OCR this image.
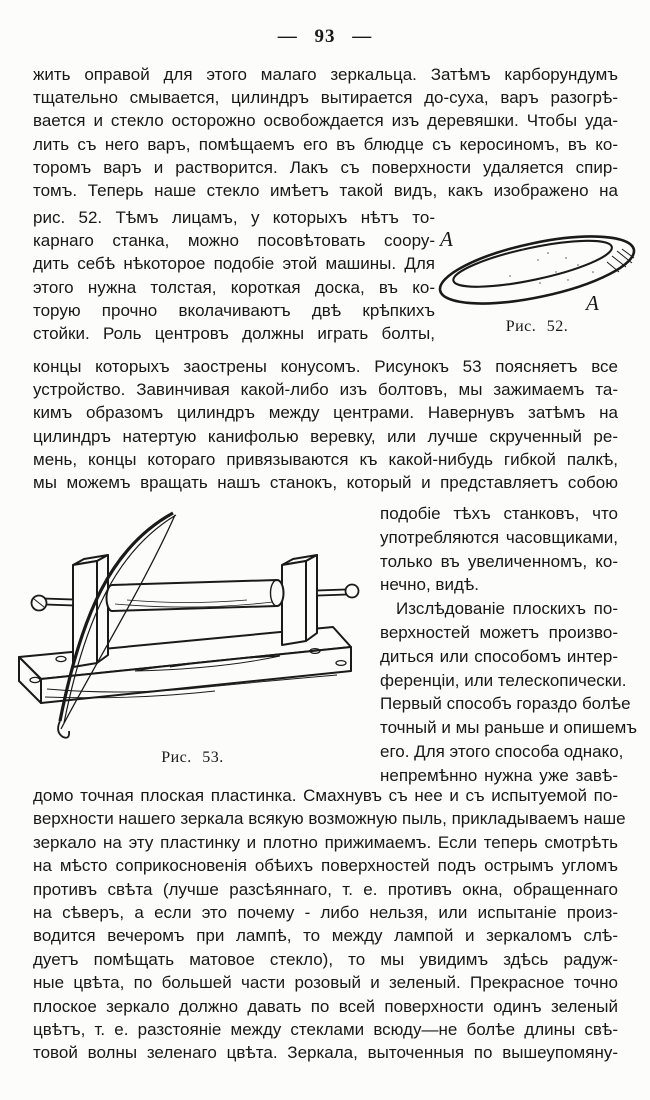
— 93 —
жить оправой для этого малаго зеркальца. Затѣмъ карборундумъ
тщательно смывается, цилиндръ вытирается до-суха, варъ разогрѣ-
вается и стекло осторожно освобождается изъ деревяшки. Чтобы уда-
лить съ него варъ, помѣщаемъ его въ блюдце съ керосиномъ, въ ко-
торомъ варъ и растворится. Лакъ съ поверхности удаляется спир-
томъ. Теперь наше стекло имѣетъ такой видъ, какъ изображено на
рис. 52. Тѣмъ лицамъ, у которыхъ нѣтъ то-
карнаго станка, можно посовѣтовать соору-
дить себѣ нѣкоторое подобіе этой машины. Для
этого нужна толстая, короткая доска, въ ко-
торую прочно вколачиваютъ двѣ крѣпкихъ
стойки. Роль центровъ должны играть болты,
концы которыхъ заострены конусомъ. Рисунокъ 53 поясняетъ все
устройство. Завинчивая какой-либо изъ болтовъ, мы зажимаемъ та-
кимъ образомъ цилиндръ между центрами. Навернувъ затѣмъ на
цилиндръ натертую канифолью веревку, или лучше скрученный ре-
мень, концы котораго привязываются къ какой-нибудь гибкой палкѣ,
мы можемъ вращать нашъ станокъ, который и представляетъ собою
подобіе тѣхъ станковъ, что
употребляются часовщиками,
только въ увеличенномъ, ко-
нечно, видѣ.
Изслѣдованіе плоскихъ по-
верхностей можетъ произво-
диться или способомъ интер-
ференціи, или телескопически.
Первый способъ гораздо болѣе
точный и мы раньше и опишемъ
его. Для этого способа однако,
непремѣнно нужна уже завѣ-
домо точная плоская пластинка. Смахнувъ съ нее и съ испытуемой по-
верхности нашего зеркала всякую возможную пыль, прикладываемъ наше
зеркало на эту пластинку и плотно прижимаемъ. Если теперь смотрѣть
на мѣсто соприкосновенія обѣихъ поверхностей подъ острымъ угломъ
противъ свѣта (лучше разсѣяннаго, т. е. противъ окна, обращеннаго
на сѣверъ, а если это почему - либо нельзя, или испытаніе произ-
водится вечеромъ при лампѣ, то между лампой и зеркаломъ слѣ-
дуетъ помѣщать матовое стекло), то мы увидимъ здѣсь радуж-
ные цвѣта, по большей части розовый и зеленый. Прекрасное точно
плоское зеркало должно давать по всей поверхности одинъ зеленый
цвѣтъ, т. е. разстояніе между стеклами всюду—не болѣе длины свѣ-
товой волны зеленаго цвѣта. Зеркала, выточенныя по вышеупомяну-
A
A
Рис. 52.
Рис. 53.
